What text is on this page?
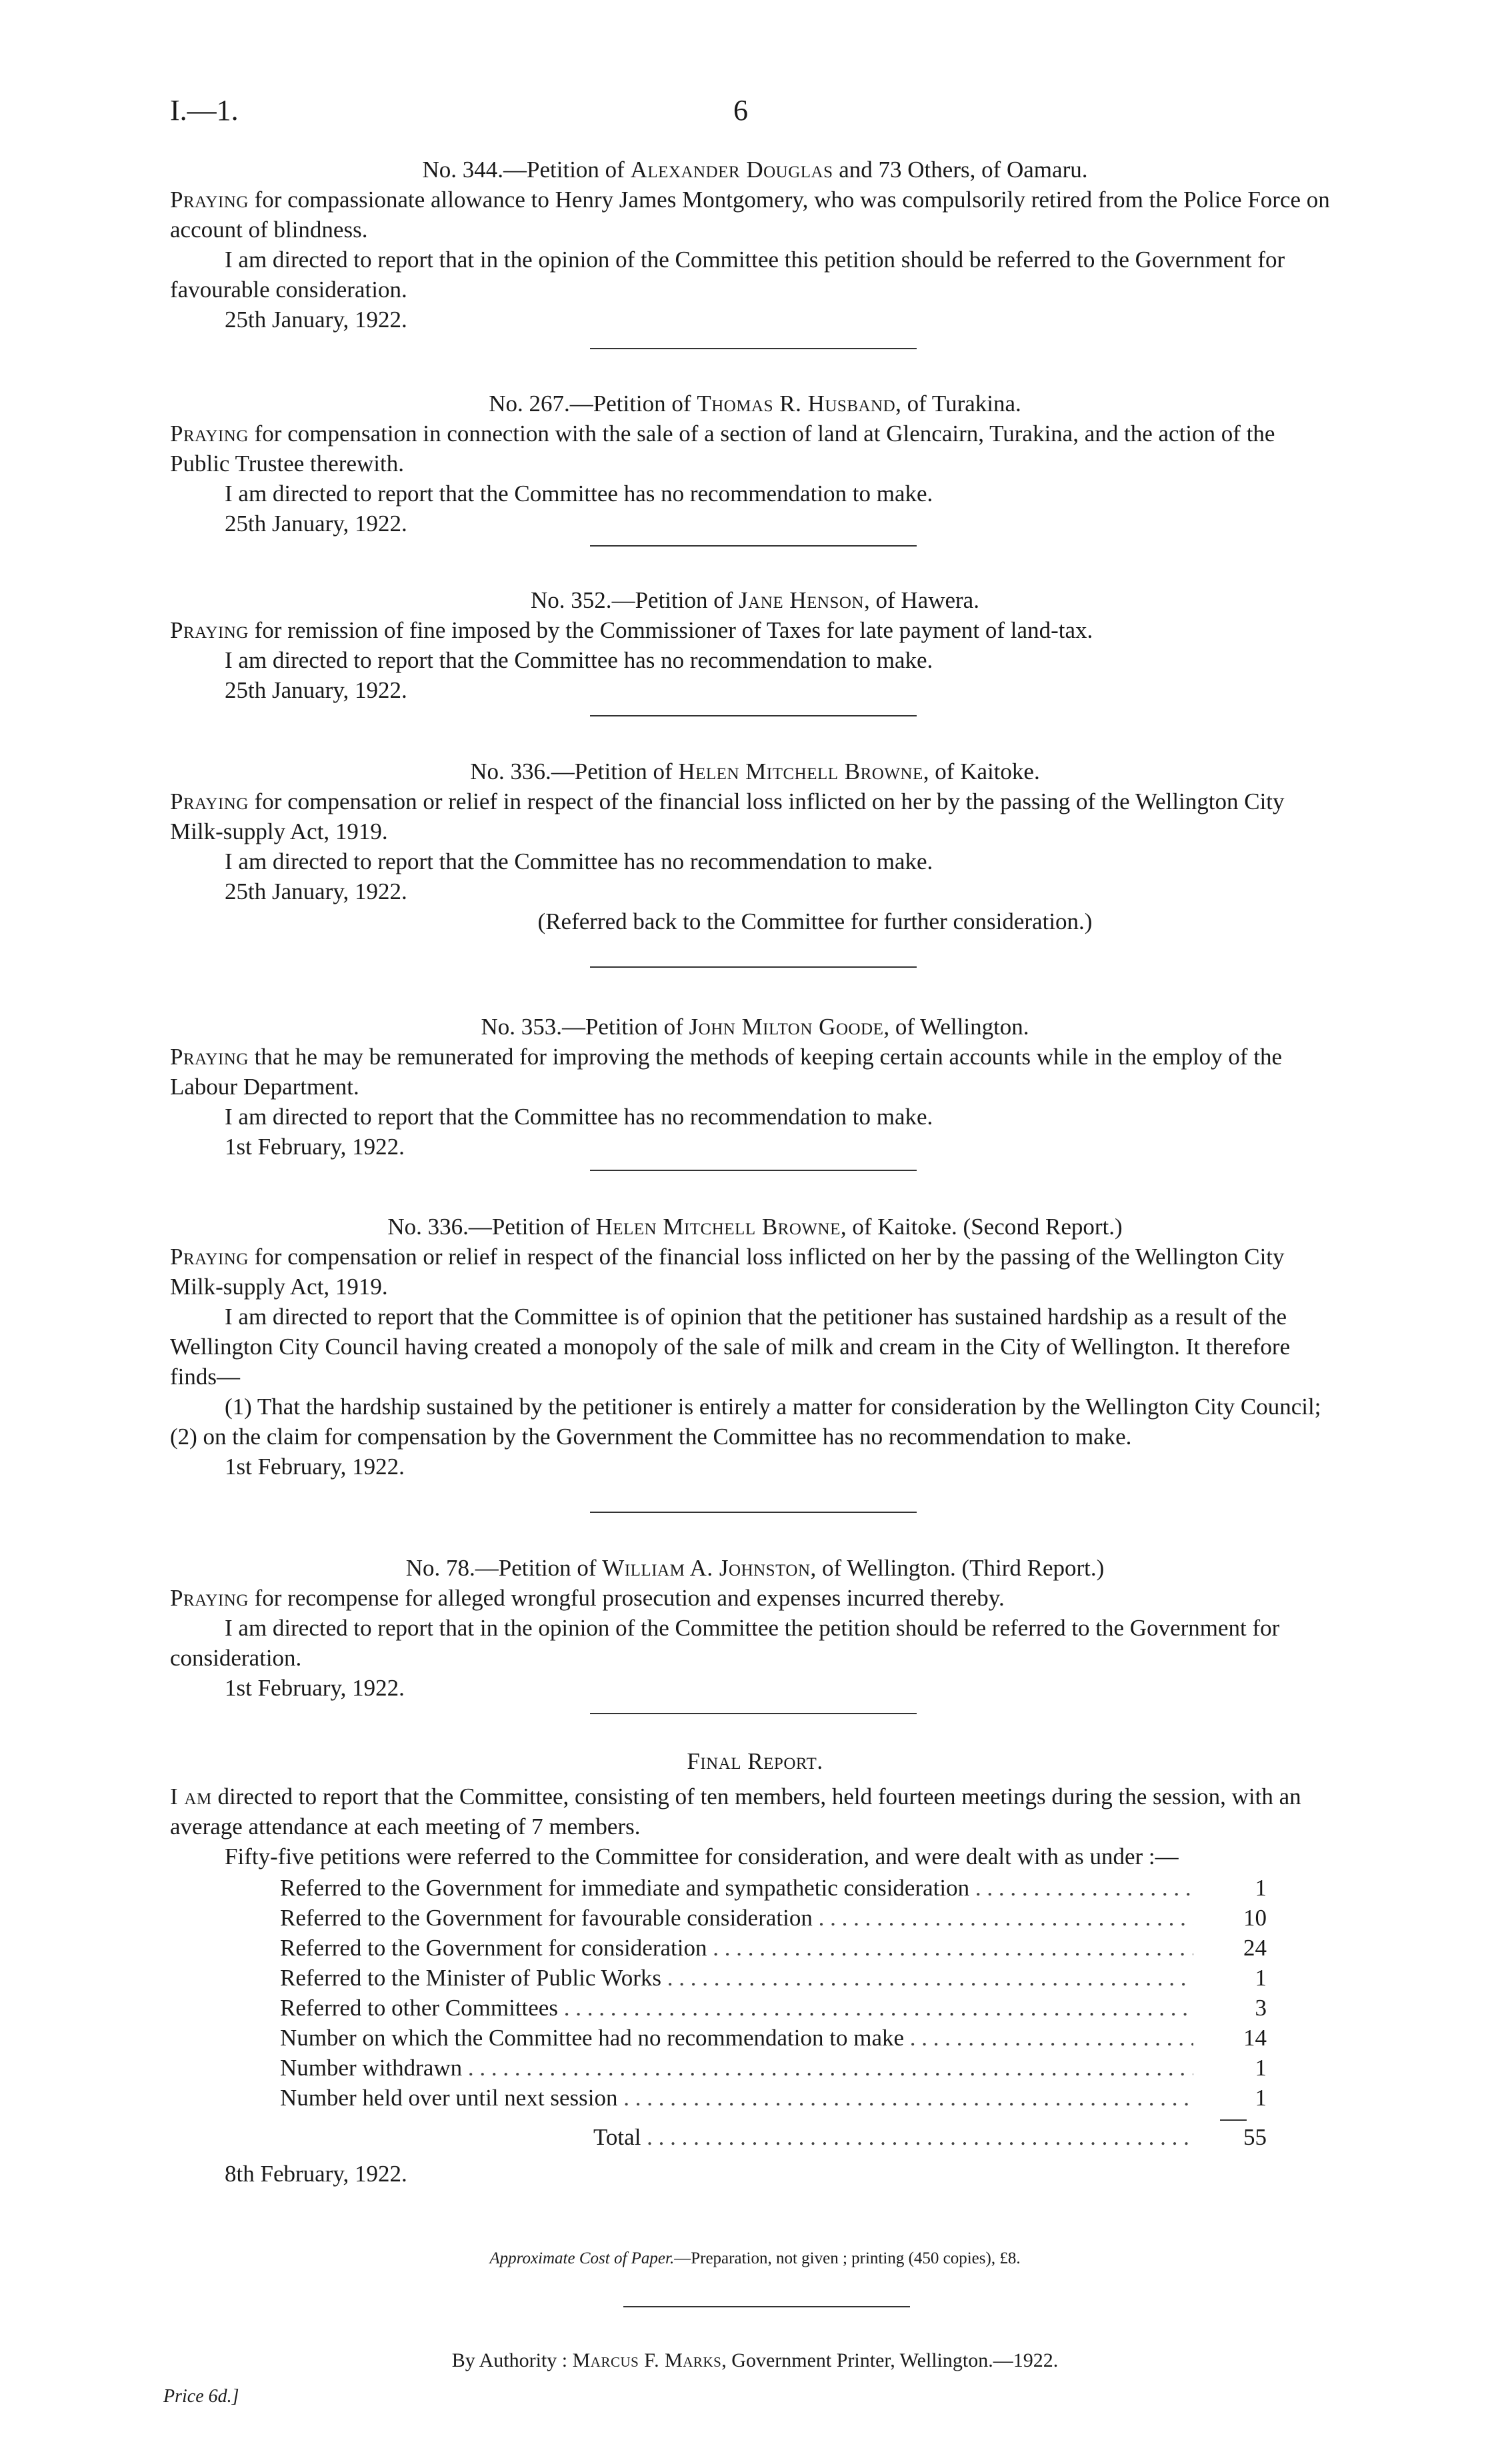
I.—1.	6
No. 344.—Petition of Alexander Douglas and 73 Others, of Oamaru.

Praying for compassionate allowance to Henry James Montgomery, who was compulsorily retired from the Police Force on account of blindness.

I am directed to report that in the opinion of the Committee this petition should be referred to the Government for favourable consideration.

25th January, 1922.

No. 267.—Petition of Thomas R. Husband, of Turakina.

Praying for compensation in connection with the sale of a section of land at Glencairn, Turakina, and the action of the Public Trustee therewith.

I am directed to report that the Committee has no recommendation to make.

25th January, 1922.

No. 352.—Petition of Jane Henson, of Hawera.

Praying for remission of fine imposed by the Commissioner of Taxes for late payment of land-tax.

I am directed to report that the Committee has no recommendation to make.

25th January, 1922.

No. 336.—Petition of Helen Mitchell Browne, of Kaitoke.

Praying for compensation or relief in respect of the financial loss inflicted on her by the passing of the Wellington City Milk-supply Act, 1919.

I am directed to report that the Committee has no recommendation to make.

25th January, 1922.

(Referred back to the Committee for further consideration.)

No. 353.—Petition of John Milton Goode, of Wellington.

Praying that he may be remunerated for improving the methods of keeping certain accounts while in the employ of the Labour Department.

I am directed to report that the Committee has no recommendation to make.

1st February, 1922.

No. 336.—Petition of Helen Mitchell Browne, of Kaitoke. (Second Report.)

Praying for compensation or relief in respect of the financial loss inflicted on her by the passing of the Wellington City Milk-supply Act, 1919.

I am directed to report that the Committee is of opinion that the petitioner has sustained hardship as a result of the Wellington City Council having created a monopoly of the sale of milk and cream in the City of Wellington. It therefore finds—

(1) That the hardship sustained by the petitioner is entirely a matter for consideration by the Wellington City Council; (2) on the claim for compensation by the Government the Committee has no recommendation to make.

1st February, 1922.

No. 78.—Petition of William A. Johnston, of Wellington. (Third Report.)

Praying for recompense for alleged wrongful prosecution and expenses incurred thereby.

I am directed to report that in the opinion of the Committee the petition should be referred to the Government for consideration.

1st February, 1922.

Final Report.

I am directed to report that the Committee, consisting of ten members, held fourteen meetings during the session, with an average attendance at each meeting of 7 members.

Fifty-five petitions were referred to the Committee for consideration, and were dealt with as under :—

Referred to the Government for immediate and sympathetic consideration . . .	1
Referred to the Government for favourable consideration . . .	10
Referred to the Government for consideration . . .	24
Referred to the Minister of Public Works . . .	1
Referred to other Committees . . .	3
Number on which the Committee had no recommendation to make . . .	14
Number withdrawn . . .	1
Number held over until next session . . .	1
Total . . .	55

8th February, 1922.

Approximate Cost of Paper.—Preparation, not given ; printing (450 copies), £8.
By Authority : Marcus F. Marks, Government Printer, Wellington.—1922.
Price 6d.]
